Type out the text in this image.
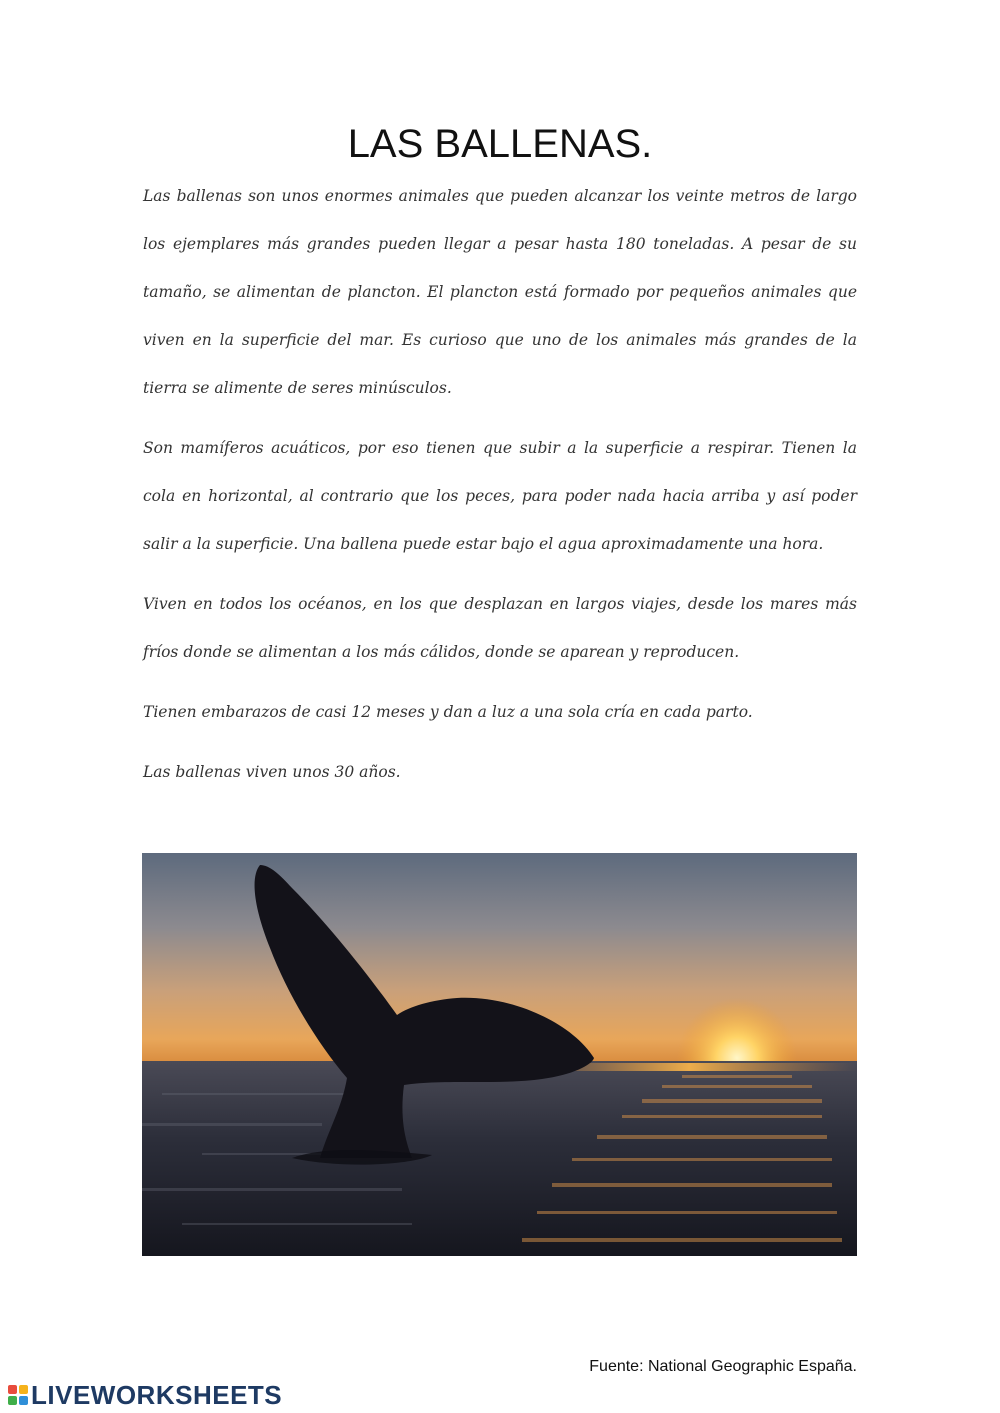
LAS BALLENAS.

Las ballenas son unos enormes animales que pueden alcanzar los veinte metros de largo los ejemplares más grandes pueden llegar a pesar hasta 180 toneladas. A pesar de su tamaño, se alimentan de plancton. El plancton está formado por pequeños animales que viven en la superficie del mar. Es curioso que uno de los animales más grandes de la tierra se alimente de seres minúsculos.

Son mamíferos acuáticos, por eso tienen que subir a la superficie a respirar. Tienen la cola en horizontal, al contrario que los peces, para poder nada hacia arriba y así poder salir a la superficie. Una ballena puede estar bajo el agua aproximadamente una hora.

Viven en todos los océanos, en los que desplazan en largos viajes, desde los mares más fríos donde se alimentan a los más cálidos, donde se aparean y reproducen.

Tienen embarazos de casi 12 meses y dan a luz a una sola cría en cada parto.

Las ballenas viven unos 30 años.

Fuente: National Geographic España.
LIVEWORKSHEETS
